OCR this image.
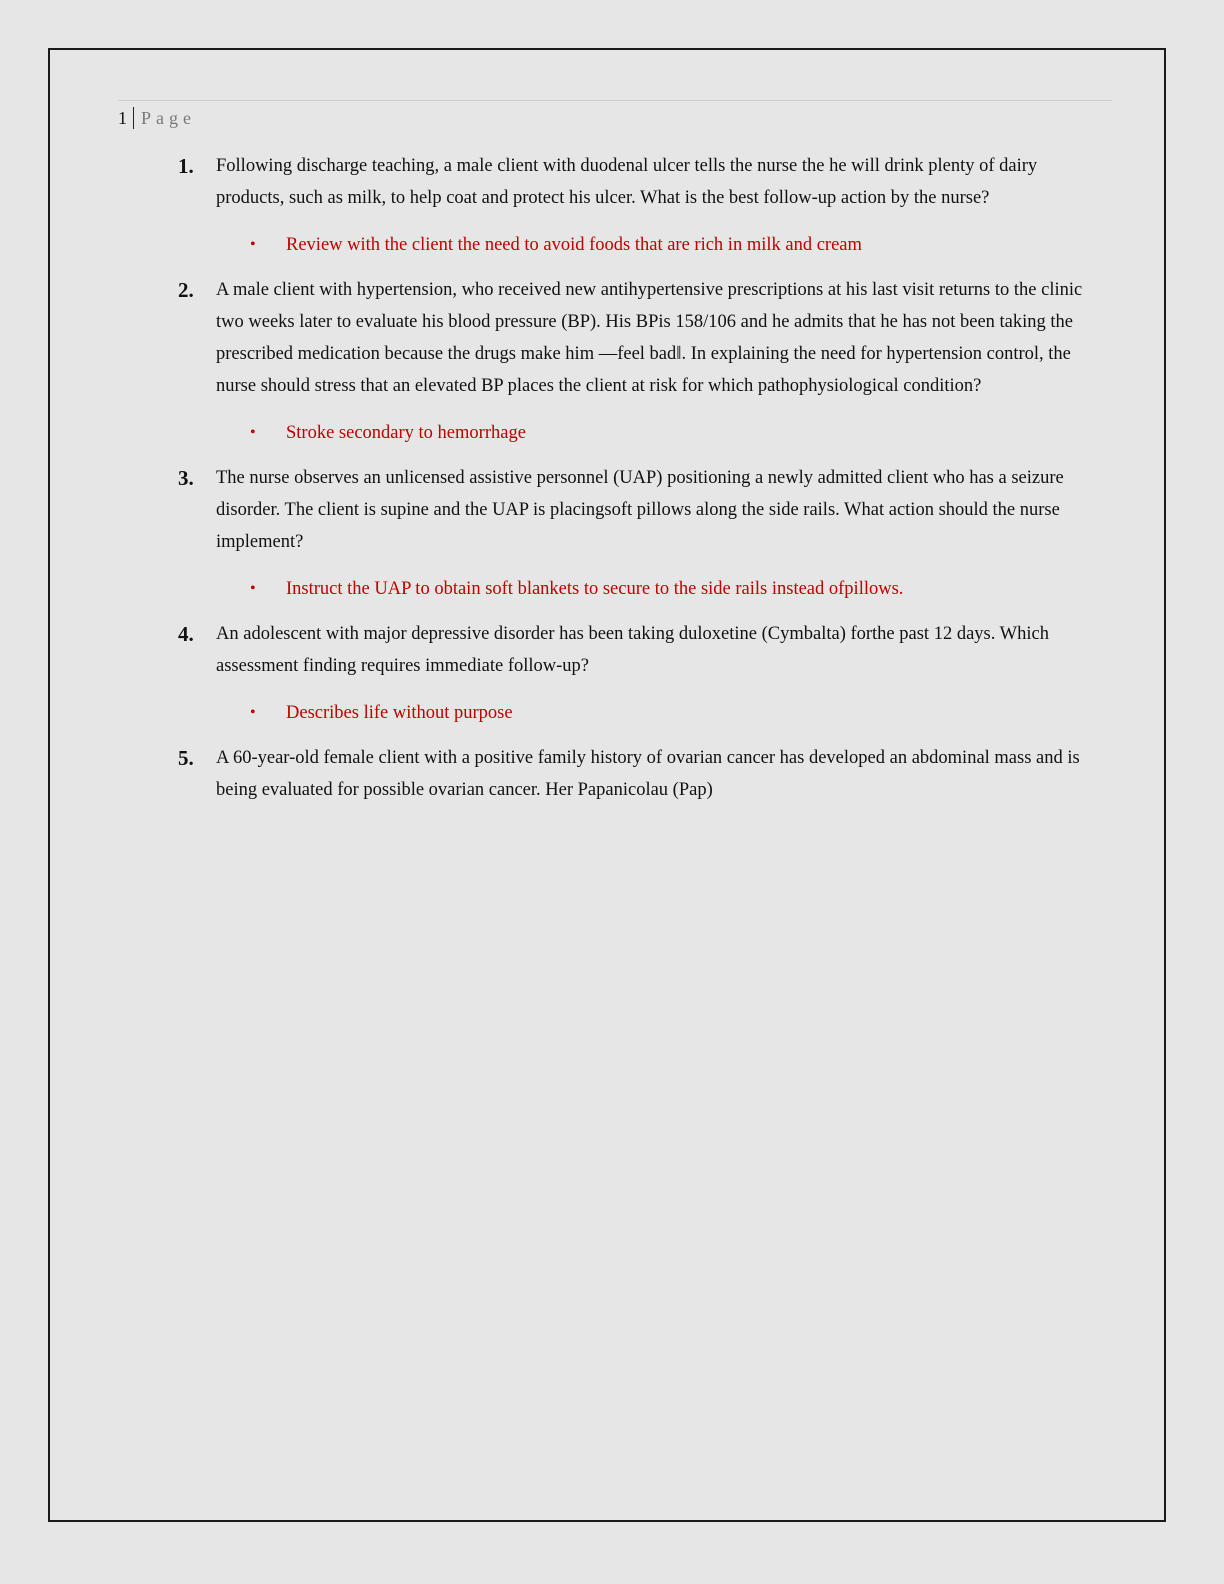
1 Page
1.	Following discharge teaching, a male client with duodenal ulcer tells the nurse the he will drink plenty of dairy products, such as milk, to help coat and protect his ulcer. What is the best follow-up action by the nurse?
•	Review with the client the need to avoid foods that are rich in milk and cream
2.	A male client with hypertension, who received new antihypertensive prescriptions at his last visit returns to the clinic two weeks later to evaluate his blood pressure (BP). His BPis 158/106 and he admits that he has not been taking the prescribed medication because the drugs make him —feel bad‖. In explaining the need for hypertension control, the nurse should stress that an elevated BP places the client at risk for which pathophysiological condition?
•	Stroke secondary to hemorrhage
3.	The nurse observes an unlicensed assistive personnel (UAP) positioning a newly admitted client who has a seizure disorder. The client is supine and the UAP is placingsoft pillows along the side rails. What action should the nurse implement?
•	Instruct the UAP to obtain soft blankets to secure to the side rails instead ofpillows.
4.	An adolescent with major depressive disorder has been taking duloxetine (Cymbalta) forthe past 12 days. Which assessment finding requires immediate follow-up?
•	Describes life without purpose
5.	A 60-year-old female client with a positive family history of ovarian cancer has developed an abdominal mass and is being evaluated for possible ovarian cancer. Her Papanicolau (Pap)
